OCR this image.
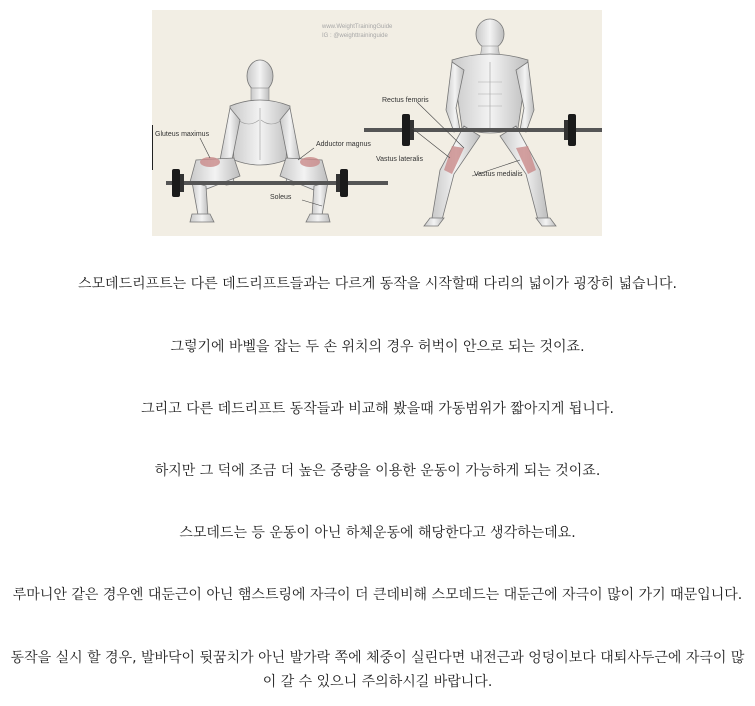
www.WeightTrainingGuide
IG : @weighttraininguide
Gluteus maximus
Adductor magnus
Soleus
Rectus femoris
Vastus lateralis
Vastus medialis
스모데드리프트는 다른 데드리프트들과는 다르게 동작을 시작할때 다리의 넓이가 굉장히 넓습니다.
그렇기에 바벨을 잡는 두 손 위치의 경우 허벅이 안으로 되는 것이죠.
그리고 다른 데드리프트 동작들과 비교해 봤을때 가동범위가 짧아지게 됩니다.
하지만 그 덕에 조금 더 높은 중량을 이용한 운동이 가능하게 되는 것이죠.
스모데드는 등 운동이 아닌 하체운동에 해당한다고 생각하는데요.
루마니안 같은 경우엔 대둔근이 아닌 햄스트링에 자극이 더 큰데비해 스모데드는 대둔근에 자극이 많이 가기 때문입니다.
동작을 실시 할 경우, 발바닥이 뒷꿈치가 아닌 발가락 쪽에 체중이 실린다면 내전근과 엉덩이보다 대퇴사두근에 자극이 많이 갈 수 있으니 주의하시길 바랍니다.
